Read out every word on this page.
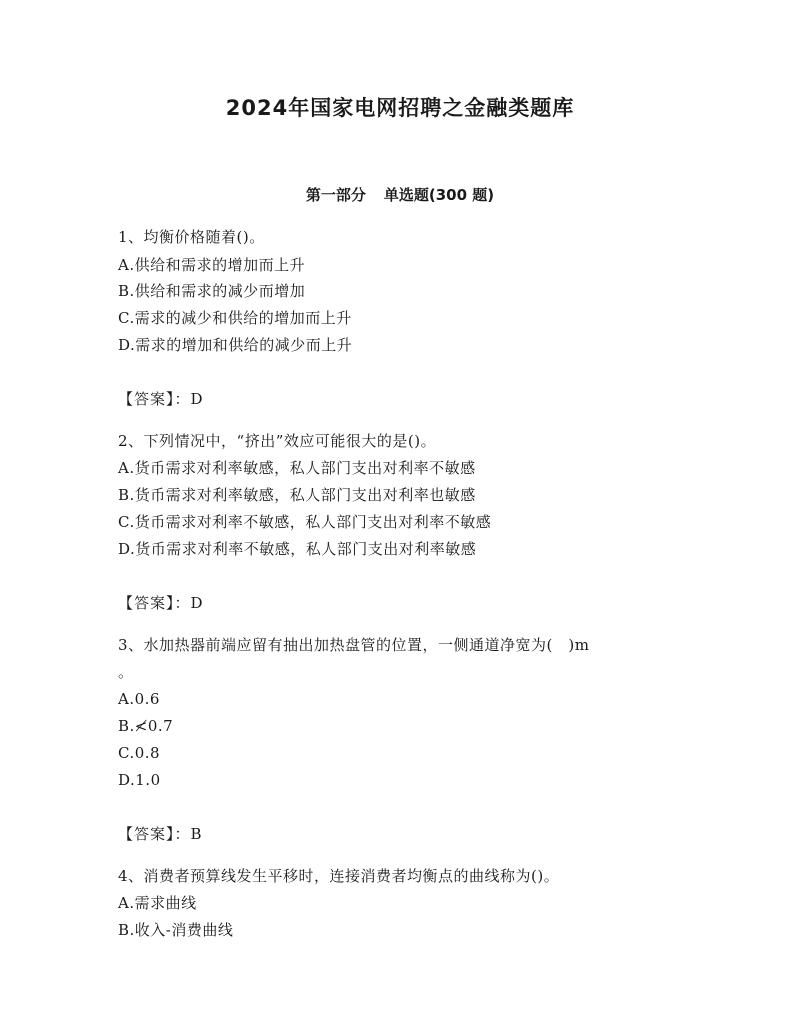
2024年国家电网招聘之金融类题库
第一部分 单选题(300 题)
1、均衡价格随着()。
A.供给和需求的增加而上升
B.供给和需求的减少而增加
C.需求的减少和供给的增加而上升
D.需求的增加和供给的减少而上升
【答案】：D
2、下列情况中，“挤出”效应可能很大的是()。
A.货币需求对利率敏感，私人部门支出对利率不敏感
B.货币需求对利率敏感，私人部门支出对利率也敏感
C.货币需求对利率不敏感，私人部门支出对利率不敏感
D.货币需求对利率不敏感，私人部门支出对利率敏感
【答案】：D
3、水加热器前端应留有抽出加热盘管的位置，一侧通道净宽为(　)m
。
A.0.6
B.≮0.7
C.0.8
D.1.0
【答案】：B
4、消费者预算线发生平移时，连接消费者均衡点的曲线称为()。
A.需求曲线
B.收入-消费曲线
